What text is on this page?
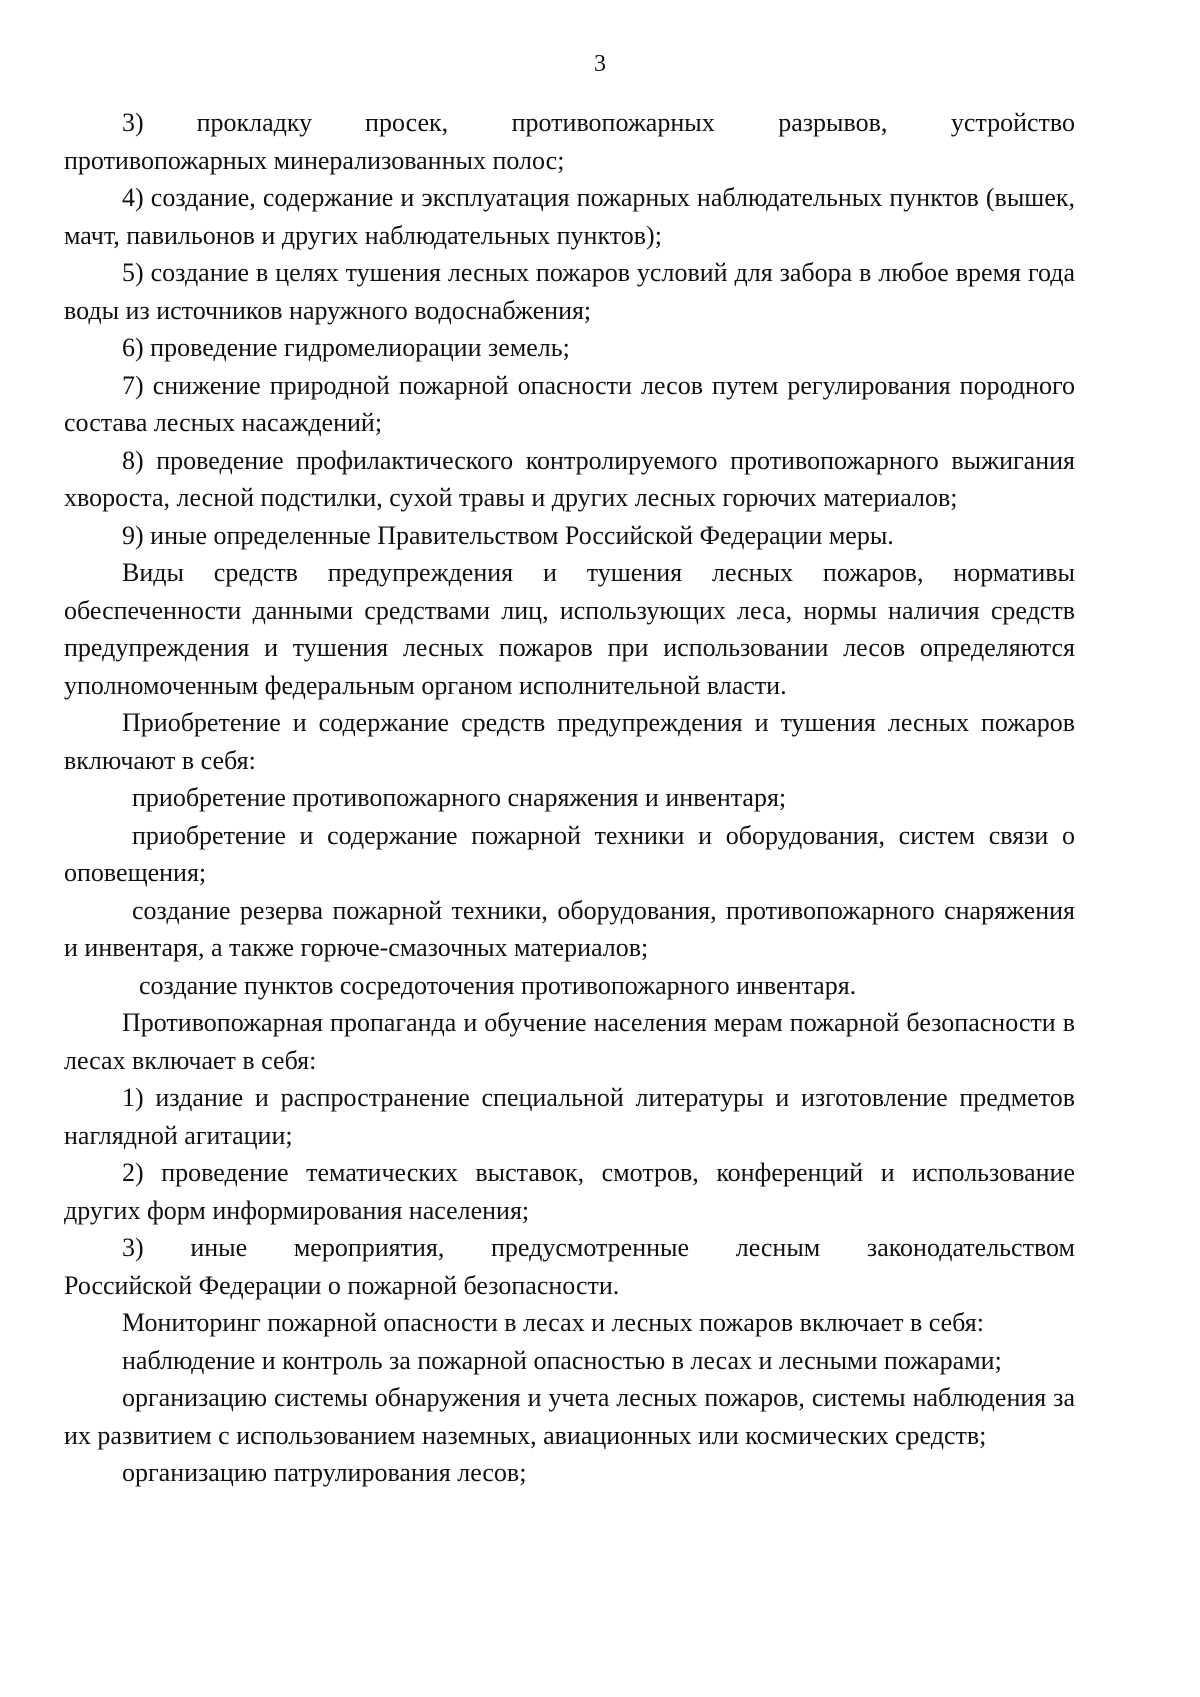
3

3)     прокладку     просек,      противопожарных      разрывов,      устройство противопожарных минерализованных полос;

4) создание, содержание и эксплуатация пожарных наблюдательных пунктов (вышек, мачт, павильонов и других наблюдательных пунктов);

5) создание в целях тушения лесных пожаров условий для забора в любое время года воды из источников наружного водоснабжения;

6) проведение гидромелиорации земель;

7) снижение природной пожарной опасности лесов путем регулирования породного состава лесных насаждений;

8) проведение профилактического контролируемого противопожарного выжигания хвороста, лесной подстилки, сухой травы и других лесных горючих материалов;

9) иные определенные Правительством Российской Федерации меры.

Виды средств предупреждения и тушения лесных пожаров, нормативы обеспеченности данными средствами лиц, использующих леса, нормы наличия средств предупреждения и тушения лесных пожаров при использовании лесов определяются уполномоченным федеральным органом исполнительной власти.

Приобретение и содержание средств предупреждения и тушения лесных пожаров включают в себя:

приобретение противопожарного снаряжения и инвентаря;

приобретение и содержание пожарной техники и оборудования, систем связи о оповещения;

создание резерва пожарной техники, оборудования, противопожарного снаряжения и инвентаря, а также горюче-смазочных материалов;

создание пунктов сосредоточения противопожарного инвентаря.

Противопожарная пропаганда и обучение населения мерам пожарной безопасности в лесах включает в себя:

1) издание и распространение специальной литературы и изготовление предметов наглядной агитации;

2) проведение тематических выставок, смотров, конференций и использование других форм информирования населения;

3)     иные     мероприятия,     предусмотренные     лесным     законодательством Российской Федерации о пожарной безопасности.

Мониторинг пожарной опасности в лесах и лесных пожаров включает в себя:

наблюдение и контроль за пожарной опасностью в лесах и лесными пожарами;

организацию системы обнаружения и учета лесных пожаров, системы наблюдения за их развитием с использованием наземных, авиационных или космических средств;

организацию патрулирования лесов;
